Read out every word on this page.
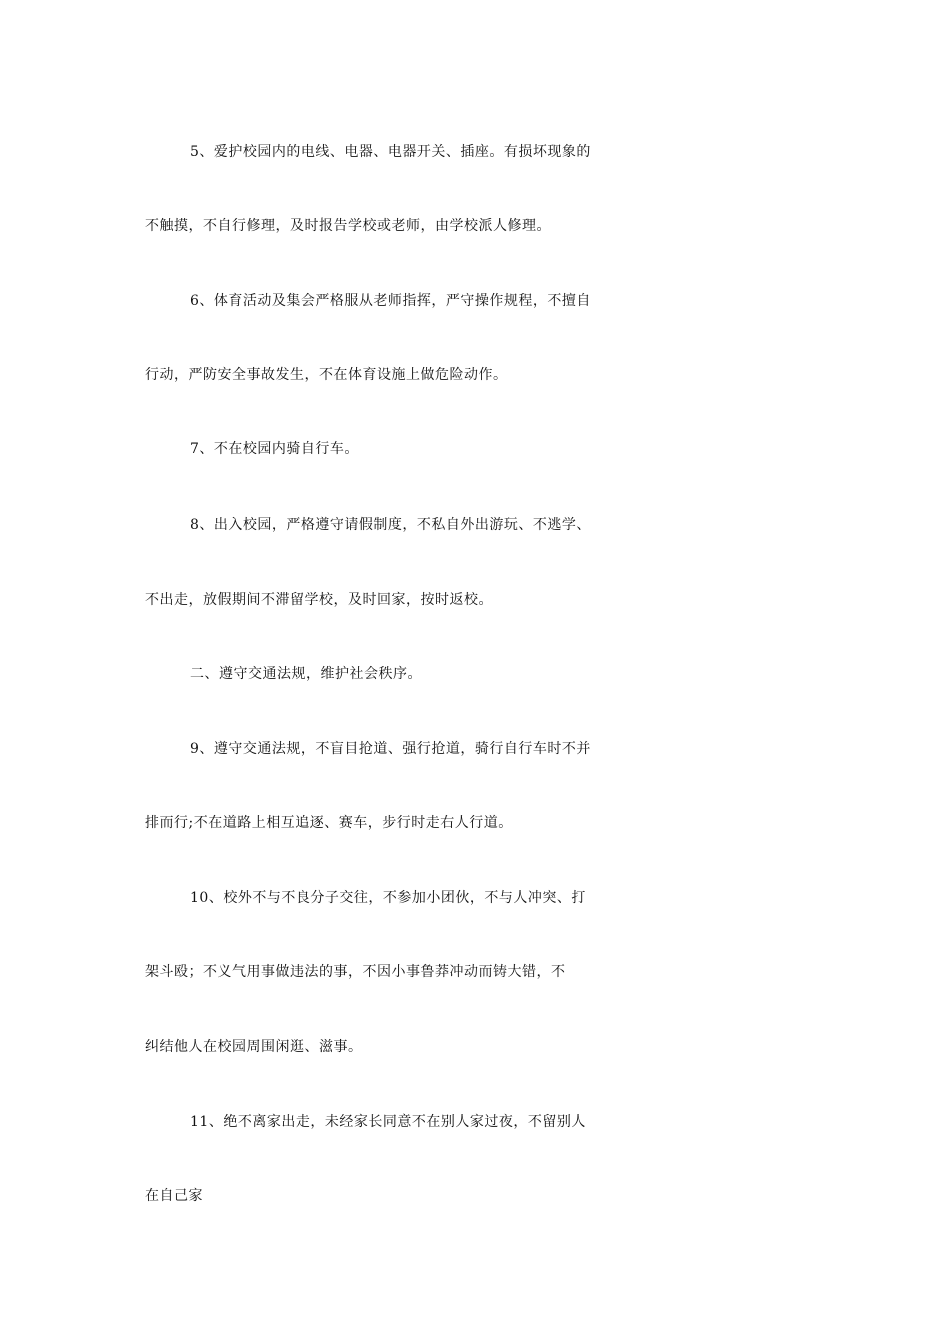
5、爱护校园内的电线、电器、电器开关、插座。有损坏现象的
不触摸，不自行修理，及时报告学校或老师，由学校派人修理。
6、体育活动及集会严格服从老师指挥，严守操作规程，不擅自
行动，严防安全事故发生，不在体育设施上做危险动作。
7、不在校园内骑自行车。
8、出入校园，严格遵守请假制度，不私自外出游玩、不逃学、
不出走，放假期间不滞留学校，及时回家，按时返校。
二、遵守交通法规，维护社会秩序。
9、遵守交通法规，不盲目抢道、强行抢道，骑行自行车时不并
排而行;不在道路上相互追逐、赛车，步行时走右人行道。
10、校外不与不良分子交往，不参加小团伙，不与人冲突、打
架斗殴；不义气用事做违法的事，不因小事鲁莽冲动而铸大错，不
纠结他人在校园周围闲逛、滋事。
11、绝不离家出走，未经家长同意不在别人家过夜，不留别人
在自己家
